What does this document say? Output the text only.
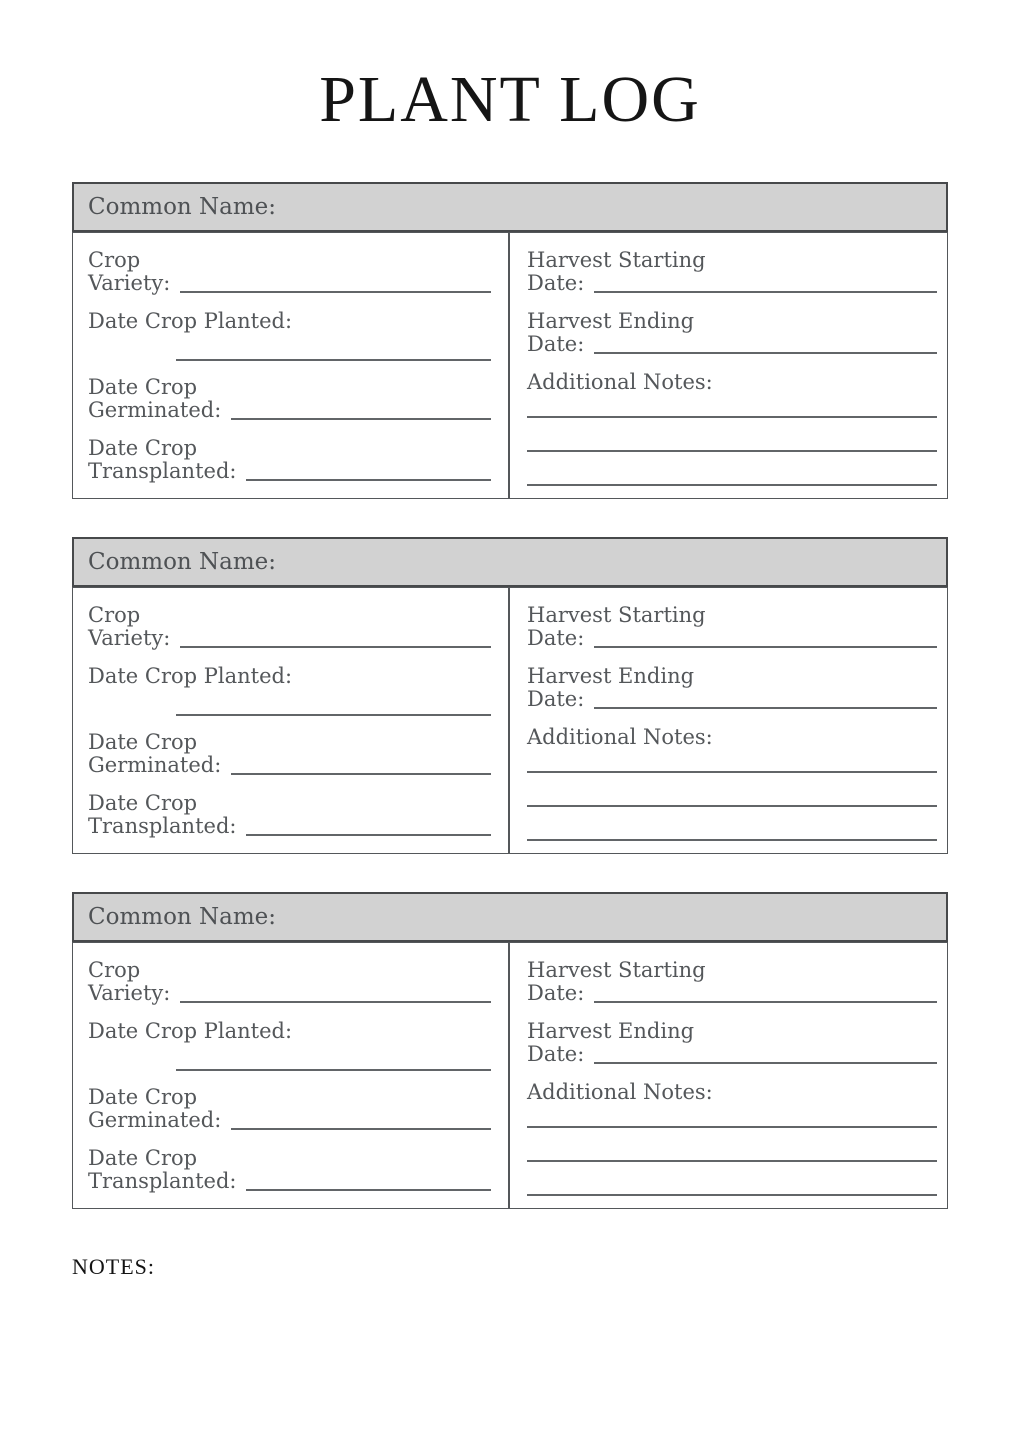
PLANT LOG
Common Name:
Crop
Variety:
Date Crop Planted:
Date Crop
Germinated:
Date Crop
Transplanted:
Harvest Starting
Date:
Harvest Ending
Date:
Additional Notes:
Common Name:
Crop
Variety:
Date Crop Planted:
Date Crop
Germinated:
Date Crop
Transplanted:
Harvest Starting
Date:
Harvest Ending
Date:
Additional Notes:
Common Name:
Crop
Variety:
Date Crop Planted:
Date Crop
Germinated:
Date Crop
Transplanted:
Harvest Starting
Date:
Harvest Ending
Date:
Additional Notes:
NOTES:
